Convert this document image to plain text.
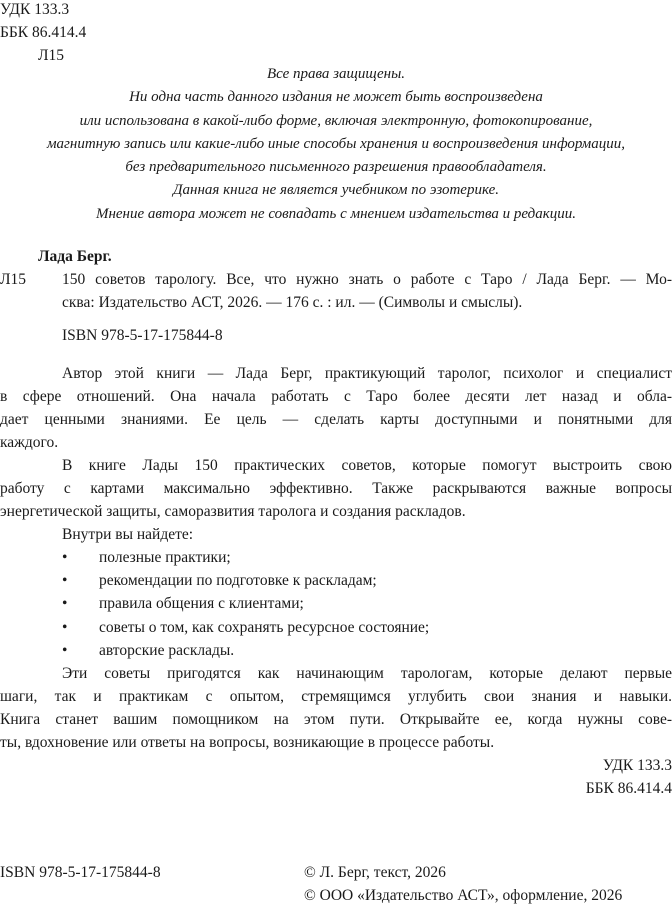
УДК 133.3
ББК 86.414.4
Л15
Все права защищены.
Ни одна часть данного издания не может быть воспроизведена
или использована в какой-либо форме, включая электронную, фотокопирование,
магнитную запись или какие-либо иные способы хранения и воспроизведения информации,
без предварительного письменного разрешения правообладателя.
Данная книга не является учебником по эзотерике.
Мнение автора может не совпадать с мнением издательства и редакции.
Лада Берг.
Л15 150 советов тарологу. Все, что нужно знать о работе с Таро / Лада Берг. — Мо-
сква: Издательство АСТ, 2026. — 176 с. : ил. — (Символы и смыслы).
ISBN 978-5-17-175844-8
Автор этой книги — Лада Берг, практикующий таролог, психолог и специалист
в сфере отношений. Она начала работать с Таро более десяти лет назад и обла-
дает ценными знаниями. Ее цель — сделать карты доступными и понятными для
каждого.
В книге Лады 150 практических советов, которые помогут выстроить свою
работу с картами максимально эффективно. Также раскрываются важные вопросы
энергетической защиты, саморазвития таролога и создания раскладов.
Внутри вы найдете:
• полезные практики;
• рекомендации по подготовке к раскладам;
• правила общения с клиентами;
• советы о том, как сохранять ресурсное состояние;
• авторские расклады.
Эти советы пригодятся как начинающим тарологам, которые делают первые
шаги, так и практикам с опытом, стремящимся углубить свои знания и навыки.
Книга станет вашим помощником на этом пути. Открывайте ее, когда нужны сове-
ты, вдохновение или ответы на вопросы, возникающие в процессе работы.
УДК 133.3
ББК 86.414.4
ISBN 978-5-17-175844-8	© Л. Берг, текст, 2026
© ООО «Издательство АСТ», оформление, 2026
